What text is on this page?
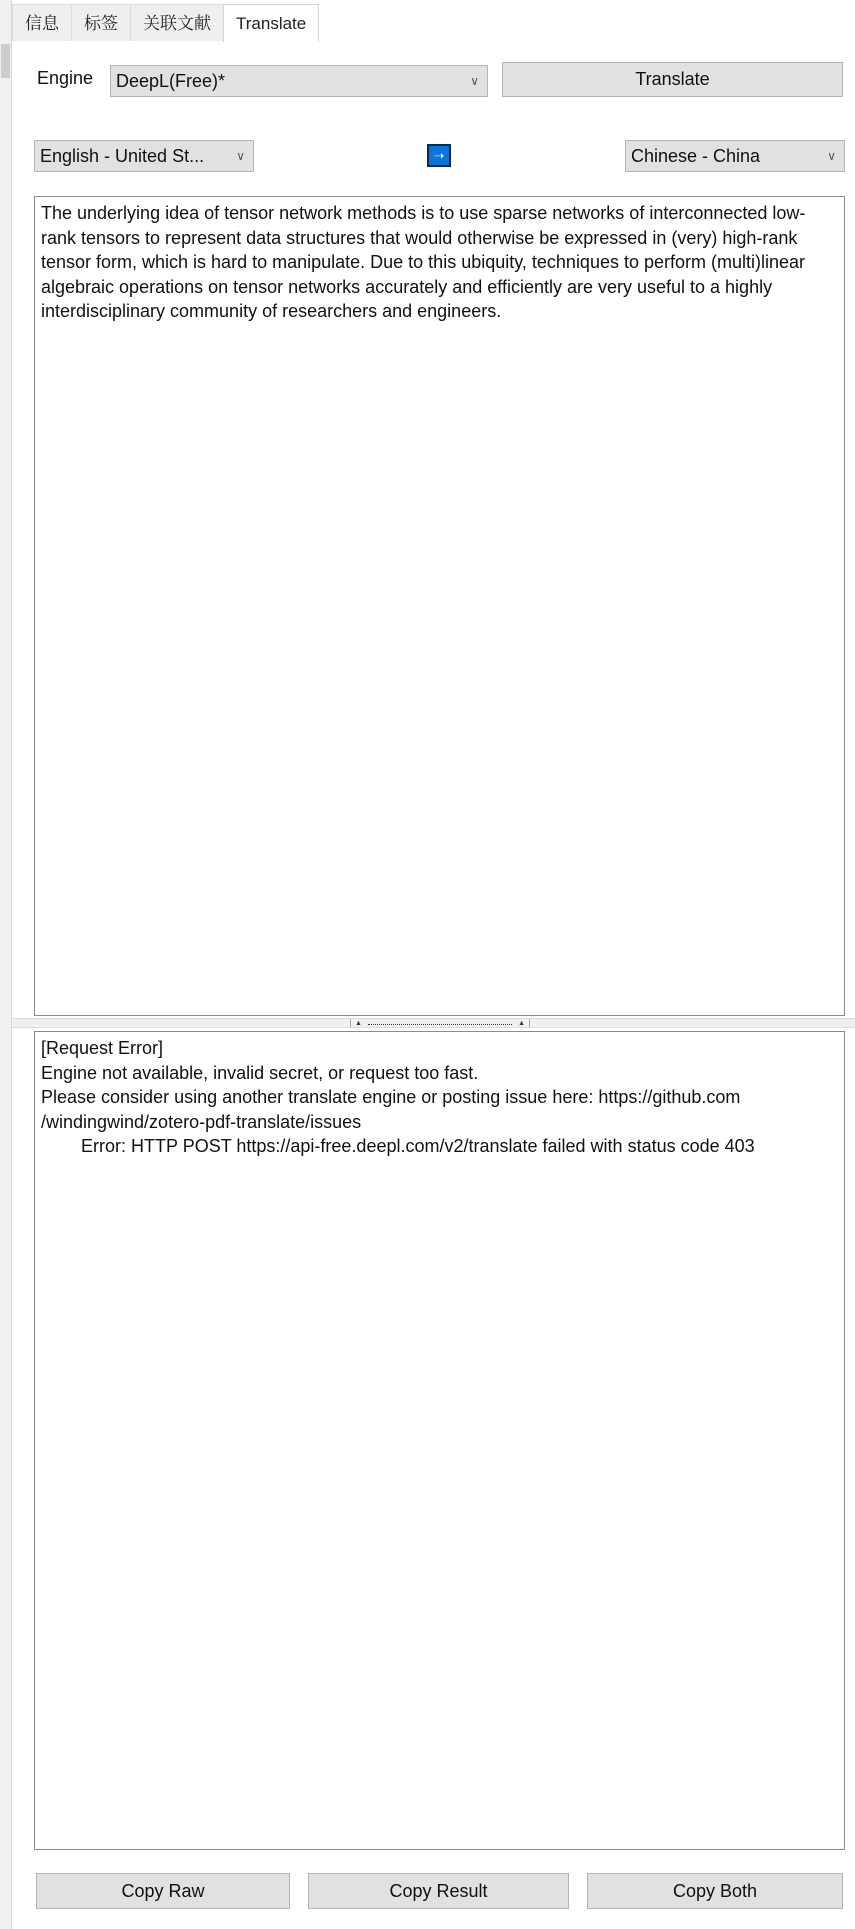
信息	标签	关联文献	Translate
Engine DeepL(Free)*	∨	Translate
English - United St...	∨	➝	Chinese - China	∨
The underlying idea of tensor network methods is to use sparse networks of interconnected low-rank tensors to represent data structures that would otherwise be expressed in (very) high-rank tensor form, which is hard to manipulate. Due to this ubiquity, techniques to perform (multi)linear algebraic operations on tensor networks accurately and efficiently are very useful to a highly interdisciplinary community of researchers and engineers.
▲	▲
[Request Error]
Engine not available, invalid secret, or request too fast.
Please consider using another translate engine or posting issue here: https://github.com
/windingwind/zotero-pdf-translate/issues
Error: HTTP POST https://api-free.deepl.com/v2/translate failed with status code 403
Copy Raw	Copy Result	Copy Both
